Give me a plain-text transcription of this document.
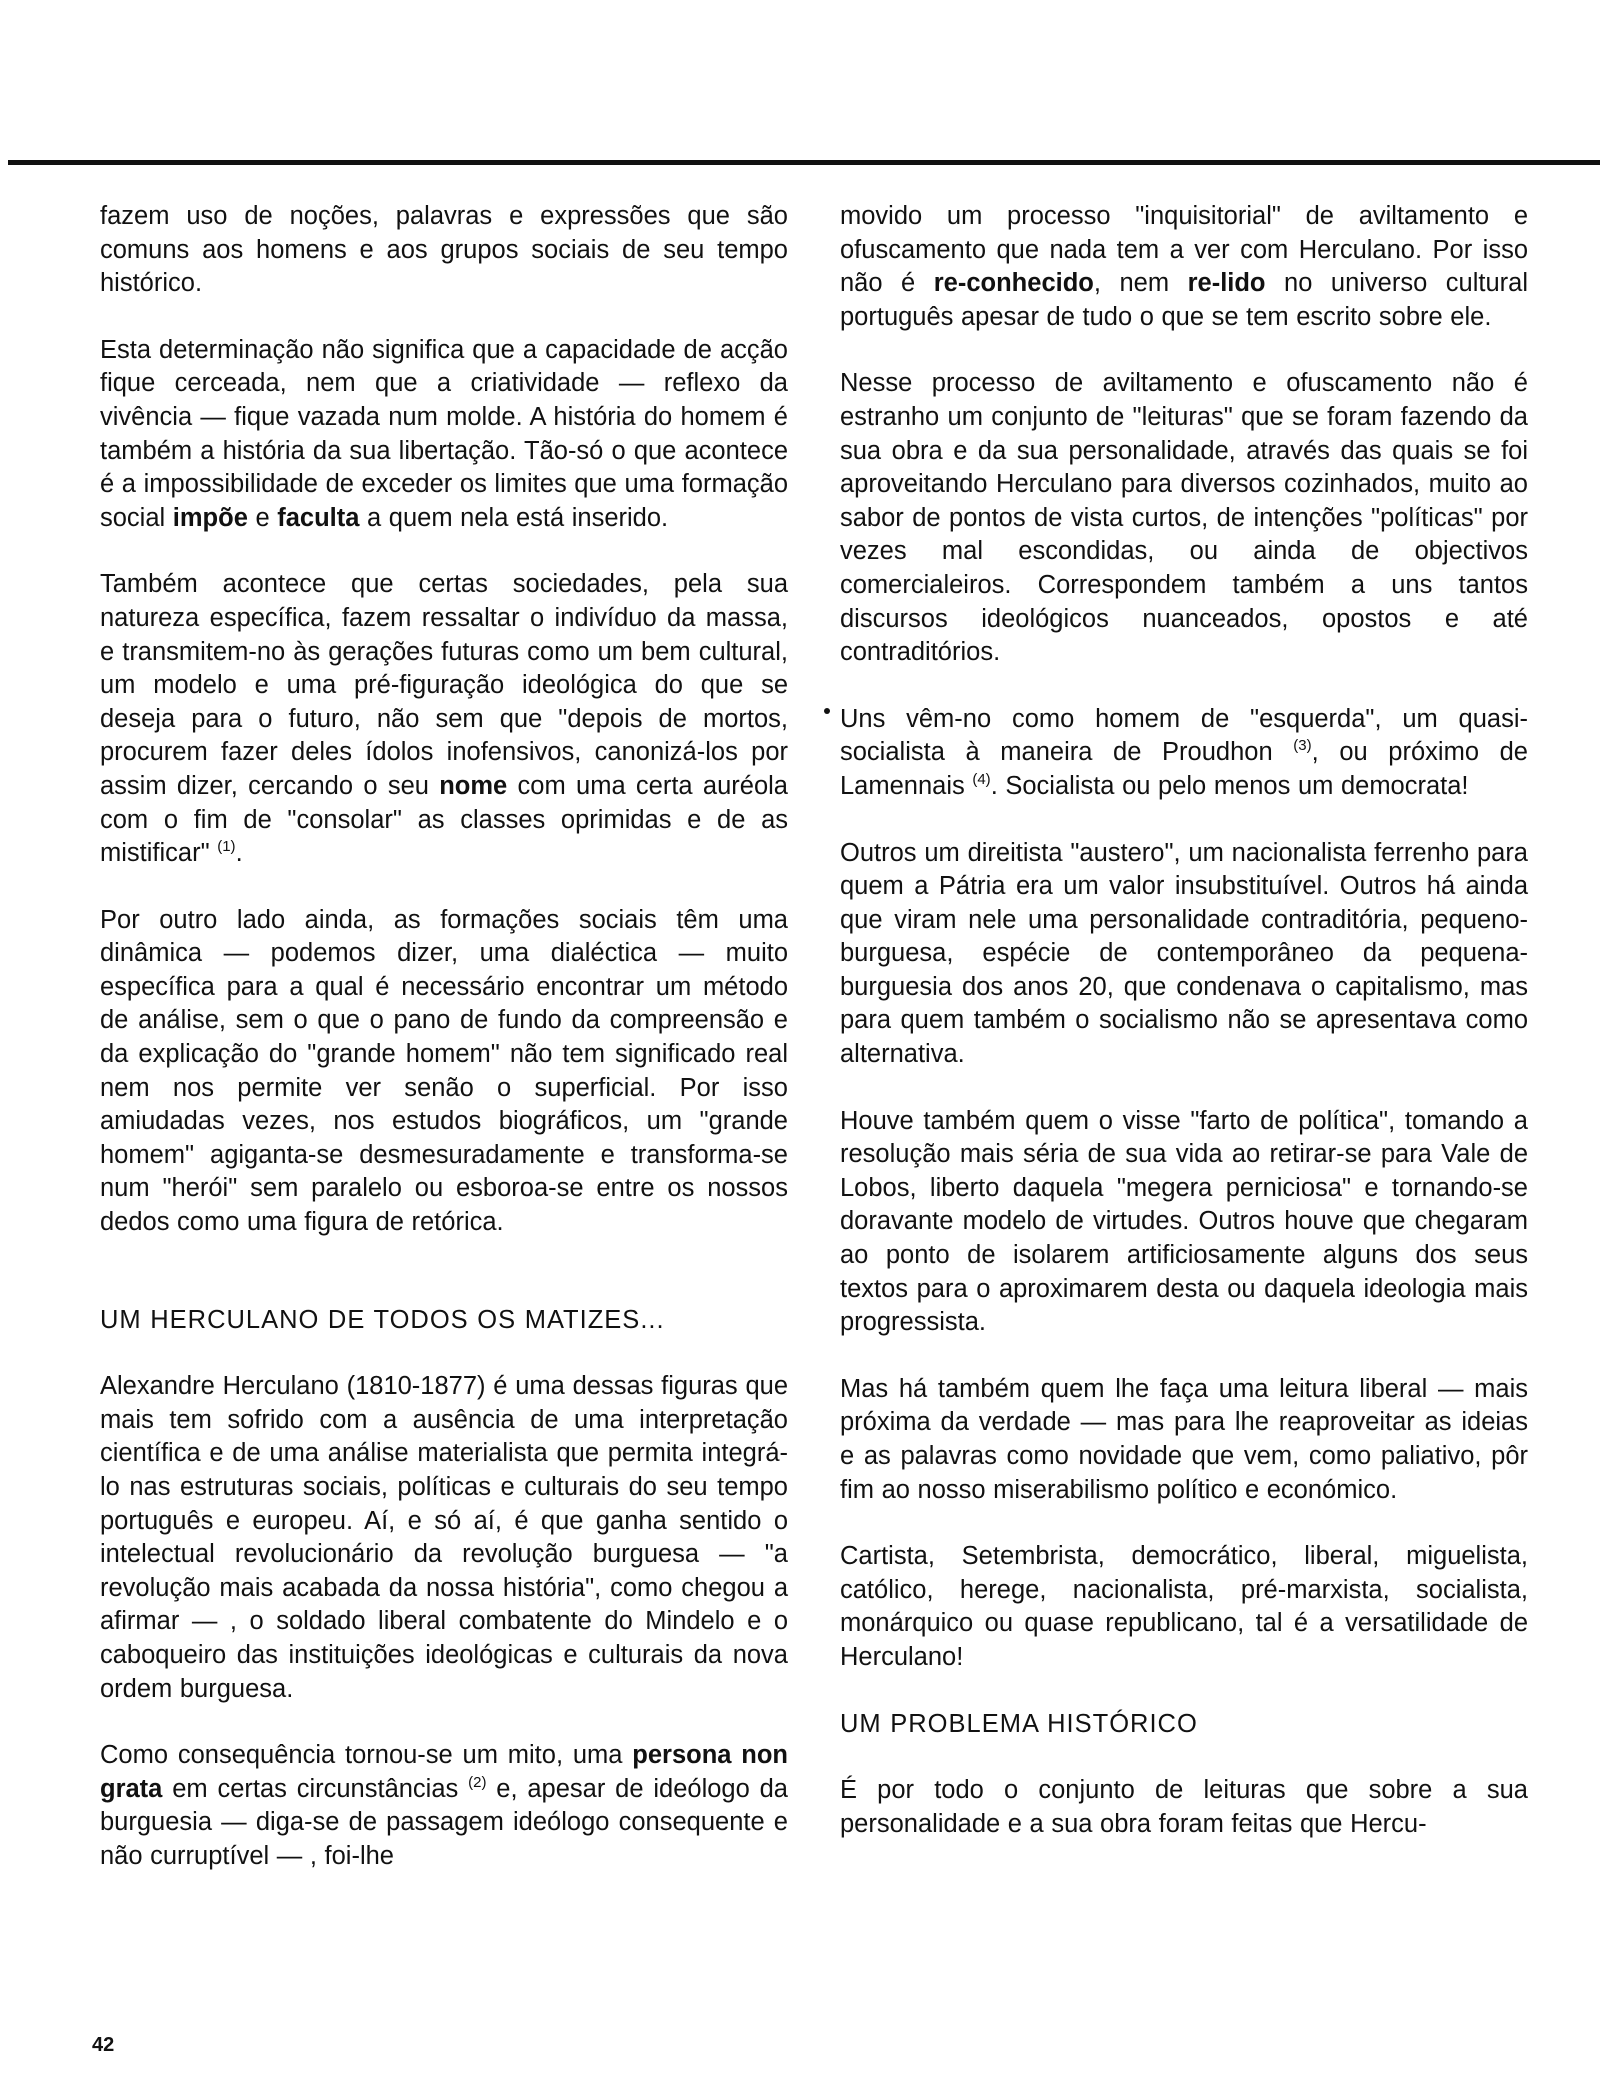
fazem uso de noções, palavras e expressões que são comuns aos homens e aos grupos sociais de seu tempo histórico.

Esta determinação não significa que a capacidade de acção fique cerceada, nem que a criatividade — reflexo da vivência — fique vazada num molde. A história do homem é também a história da sua libertação. Tão-só o que acontece é a impossibilidade de exceder os limites que uma formação social impõe e faculta a quem nela está inserido.

Também acontece que certas sociedades, pela sua natureza específica, fazem ressaltar o indivíduo da massa, e transmitem-no às gerações futuras como um bem cultural, um modelo e uma pré-figuração ideológica do que se deseja para o futuro, não sem que "depois de mortos, procurem fazer deles ídolos inofensivos, canonizá-los por assim dizer, cercando o seu nome com uma certa auréola com o fim de "consolar" as classes oprimidas e de as mistificar" $^{(1)}$.

Por outro lado ainda, as formações sociais têm uma dinâmica — podemos dizer, uma dialéctica — muito específica para a qual é necessário encontrar um método de análise, sem o que o pano de fundo da compreensão e da explicação do "grande homem" não tem significado real nem nos permite ver senão o superficial. Por isso amiudadas vezes, nos estudos biográficos, um "grande homem" agiganta-se desmesuradamente e transforma-se num "herói" sem paralelo ou esboroa-se entre os nossos dedos como uma figura de retórica.

UM HERCULANO DE TODOS OS MATIZES...

Alexandre Herculano (1810-1877) é uma dessas figuras que mais tem sofrido com a ausência de uma interpretação científica e de uma análise materialista que permita integrá-lo nas estruturas sociais, políticas e culturais do seu tempo português e europeu. Aí, e só aí, é que ganha sentido o intelectual revolucionário da revolução burguesa — "a revolução mais acabada da nossa história", como chegou a afirmar — , o soldado liberal combatente do Mindelo e o caboqueiro das instituições ideológicas e culturais da nova ordem burguesa.

Como consequência tornou-se um mito, uma persona non grata em certas circunstâncias $^{(2)}$ e, apesar de ideólogo da burguesia — diga-se de passagem ideólogo consequente e não curruptível — , foi-lhe

movido um processo "inquisitorial" de aviltamento e ofuscamento que nada tem a ver com Herculano. Por isso não é re-conhecido, nem re-lido no universo cultural português apesar de tudo o que se tem escrito sobre ele.

Nesse processo de aviltamento e ofuscamento não é estranho um conjunto de "leituras" que se foram fazendo da sua obra e da sua personalidade, através das quais se foi aproveitando Herculano para diversos cozinhados, muito ao sabor de pontos de vista curtos, de intenções "políticas" por vezes mal escondidas, ou ainda de objectivos comercialeiros. Correspondem também a uns tantos discursos ideológicos nuanceados, opostos e até contraditórios.

Uns vêm-no como homem de "esquerda", um quasi-socialista à maneira de Proudhon $^{(3)}$, ou próximo de Lamennais $^{(4)}$. Socialista ou pelo menos um democrata!

Outros um direitista "austero", um nacionalista ferrenho para quem a Pátria era um valor insubstituível. Outros há ainda que viram nele uma personalidade contraditória, pequeno-burguesa, espécie de contemporâneo da pequena-burguesia dos anos 20, que condenava o capitalismo, mas para quem também o socialismo não se apresentava como alternativa.

Houve também quem o visse "farto de política", tomando a resolução mais séria de sua vida ao retirar-se para Vale de Lobos, liberto daquela "megera perniciosa" e tornando-se doravante modelo de virtudes. Outros houve que chegaram ao ponto de isolarem artificiosamente alguns dos seus textos para o aproximarem desta ou daquela ideologia mais progressista.

Mas há também quem lhe faça uma leitura liberal — mais próxima da verdade — mas para lhe reaproveitar as ideias e as palavras como novidade que vem, como paliativo, pôr fim ao nosso miserabilismo político e económico.

Cartista, Setembrista, democrático, liberal, miguelista, católico, herege, nacionalista, pré-marxista, socialista, monárquico ou quase republicano, tal é a versatilidade de Herculano!

UM PROBLEMA HISTÓRICO

É por todo o conjunto de leituras que sobre a sua personalidade e a sua obra foram feitas que Hercu-

42
